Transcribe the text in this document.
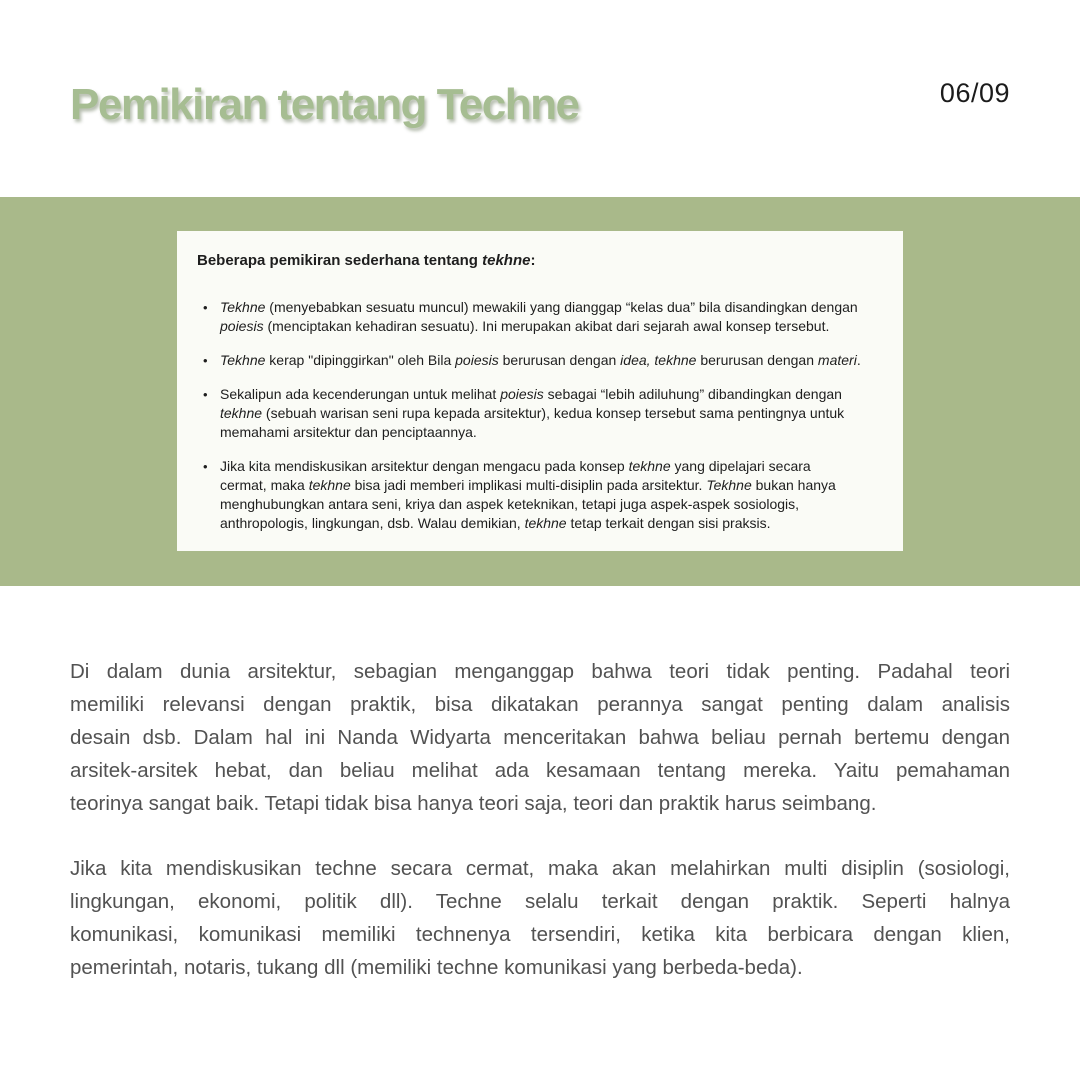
Pemikiran tentang Techne	06/09
Beberapa pemikiran sederhana tentang tekhne:
• Tekhne (menyebabkan sesuatu muncul) mewakili yang dianggap “kelas dua” bila disandingkan dengan
poiesis (menciptakan kehadiran sesuatu). Ini merupakan akibat dari sejarah awal konsep tersebut.
• Tekhne kerap "dipinggirkan" oleh Bila poiesis berurusan dengan idea, tekhne berurusan dengan materi.
• Sekalipun ada kecenderungan untuk melihat poiesis sebagai “lebih adiluhung” dibandingkan dengan
tekhne (sebuah warisan seni rupa kepada arsitektur), kedua konsep tersebut sama pentingnya untuk
memahami arsitektur dan penciptaannya.
• Jika kita mendiskusikan arsitektur dengan mengacu pada konsep tekhne yang dipelajari secara
cermat, maka tekhne bisa jadi memberi implikasi multi-disiplin pada arsitektur. Tekhne bukan hanya
menghubungkan antara seni, kriya dan aspek keteknikan, tetapi juga aspek-aspek sosiologis,
anthropologis, lingkungan, dsb. Walau demikian, tekhne tetap terkait dengan sisi praksis.
Di dalam dunia arsitektur, sebagian menganggap bahwa teori tidak penting. Padahal teori
memiliki relevansi dengan praktik, bisa dikatakan perannya sangat penting dalam analisis
desain dsb. Dalam hal ini Nanda Widyarta menceritakan bahwa beliau pernah bertemu dengan
arsitek-arsitek hebat, dan beliau melihat ada kesamaan tentang mereka. Yaitu pemahaman
teorinya sangat baik. Tetapi tidak bisa hanya teori saja, teori dan praktik harus seimbang.
Jika kita mendiskusikan techne secara cermat, maka akan melahirkan multi disiplin (sosiologi,
lingkungan, ekonomi, politik dll). Techne selalu terkait dengan praktik. Seperti halnya
komunikasi, komunikasi memiliki technenya tersendiri, ketika kita berbicara dengan klien,
pemerintah, notaris, tukang dll (memiliki techne komunikasi yang berbeda-beda).
